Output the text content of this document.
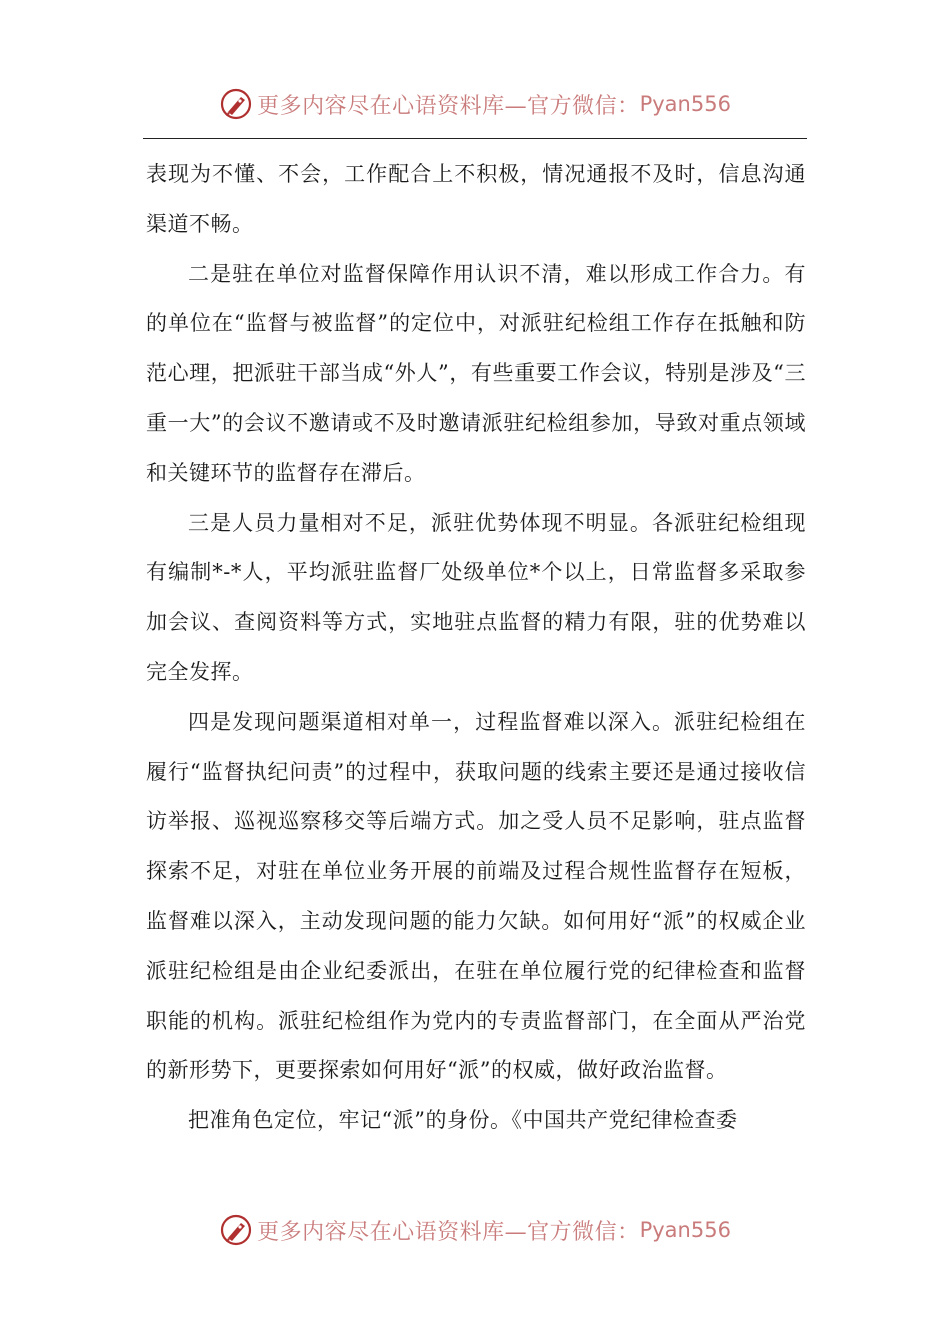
更多内容尽在心语资料库—官方微信： Pyan556

表现为不懂、不会，工作配合上不积极，情况通报不及时，信息沟通渠道不畅。

二是驻在单位对监督保障作用认识不清，难以形成工作合力。有的单位在“监督与被监督”的定位中，对派驻纪检组工作存在抵触和防范心理，把派驻干部当成“外人”，有些重要工作会议，特别是涉及“三重一大”的会议不邀请或不及时邀请派驻纪检组参加，导致对重点领域和关键环节的监督存在滞后。

三是人员力量相对不足，派驻优势体现不明显。各派驻纪检组现有编制*-*人，平均派驻监督厂处级单位*个以上，日常监督多采取参加会议、查阅资料等方式，实地驻点监督的精力有限，驻的优势难以完全发挥。

四是发现问题渠道相对单一，过程监督难以深入。派驻纪检组在履行“监督执纪问责”的过程中，获取问题的线索主要还是通过接收信访举报、巡视巡察移交等后端方式。加之受人员不足影响，驻点监督探索不足，对驻在单位业务开展的前端及过程合规性监督存在短板，监督难以深入，主动发现问题的能力欠缺。如何用好“派”的权威企业派驻纪检组是由企业纪委派出，在驻在单位履行党的纪律检查和监督职能的机构。派驻纪检组作为党内的专责监督部门，在全面从严治党的新形势下，更要探索如何用好“派”的权威，做好政治监督。

把准角色定位，牢记“派”的身份。《中国共产党纪律检查委

更多内容尽在心语资料库—官方微信： Pyan556
